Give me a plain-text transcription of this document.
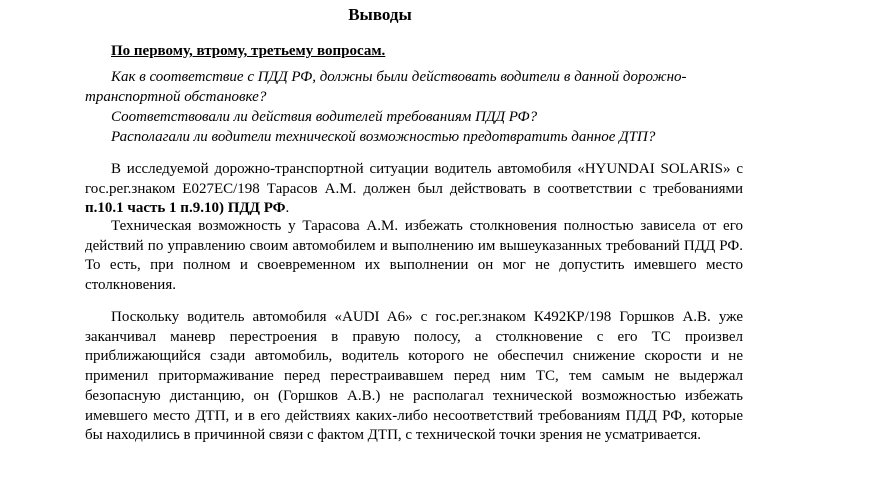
Выводы
По первому, втрому, третьему вопросам.

Как в соответствие с ПДД РФ, должны были действовать водители в данной дорожно-

транспортной обстановке?

Соответствовали ли действия водителей требованиям ПДД РФ?

Располагали ли водители технической возможностью предотвратить данное ДТП?

В исследуемой дорожно-транспортной ситуации водитель автомобиля «HYUNDAI SOLARIS» с гос.рег.знаком Е027ЕС/198 Тарасов А.М. должен был действовать в соответствии с требованиями п.10.1 часть 1 п.9.10) ПДД РФ.

Техническая возможность у Тарасова А.М. избежать столкновения полностью зависела от его действий по управлению своим автомобилем и выполнению им вышеуказанных требований ПДД РФ. То есть, при полном и своевременном их выполнении он мог не допустить имевшего место столкновения.

Поскольку водитель автомобиля «AUDI A6» с гос.рег.знаком К492КР/198 Горшков А.В. уже заканчивал маневр перестроения в правую полосу, а столкновение с его ТС произвел приближающийся сзади автомобиль, водитель которого не обеспечил снижение скорости и не применил притормаживание перед перестраивавшем перед ним ТС, тем самым не выдержал безопасную дистанцию, он (Горшков А.В.) не располагал технической возможностью избежать имевшего место ДТП, и в его действиях каких-либо несоответствий требованиям ПДД РФ, которые бы находились в причинной связи с фактом ДТП, с технической точки зрения не усматривается.
